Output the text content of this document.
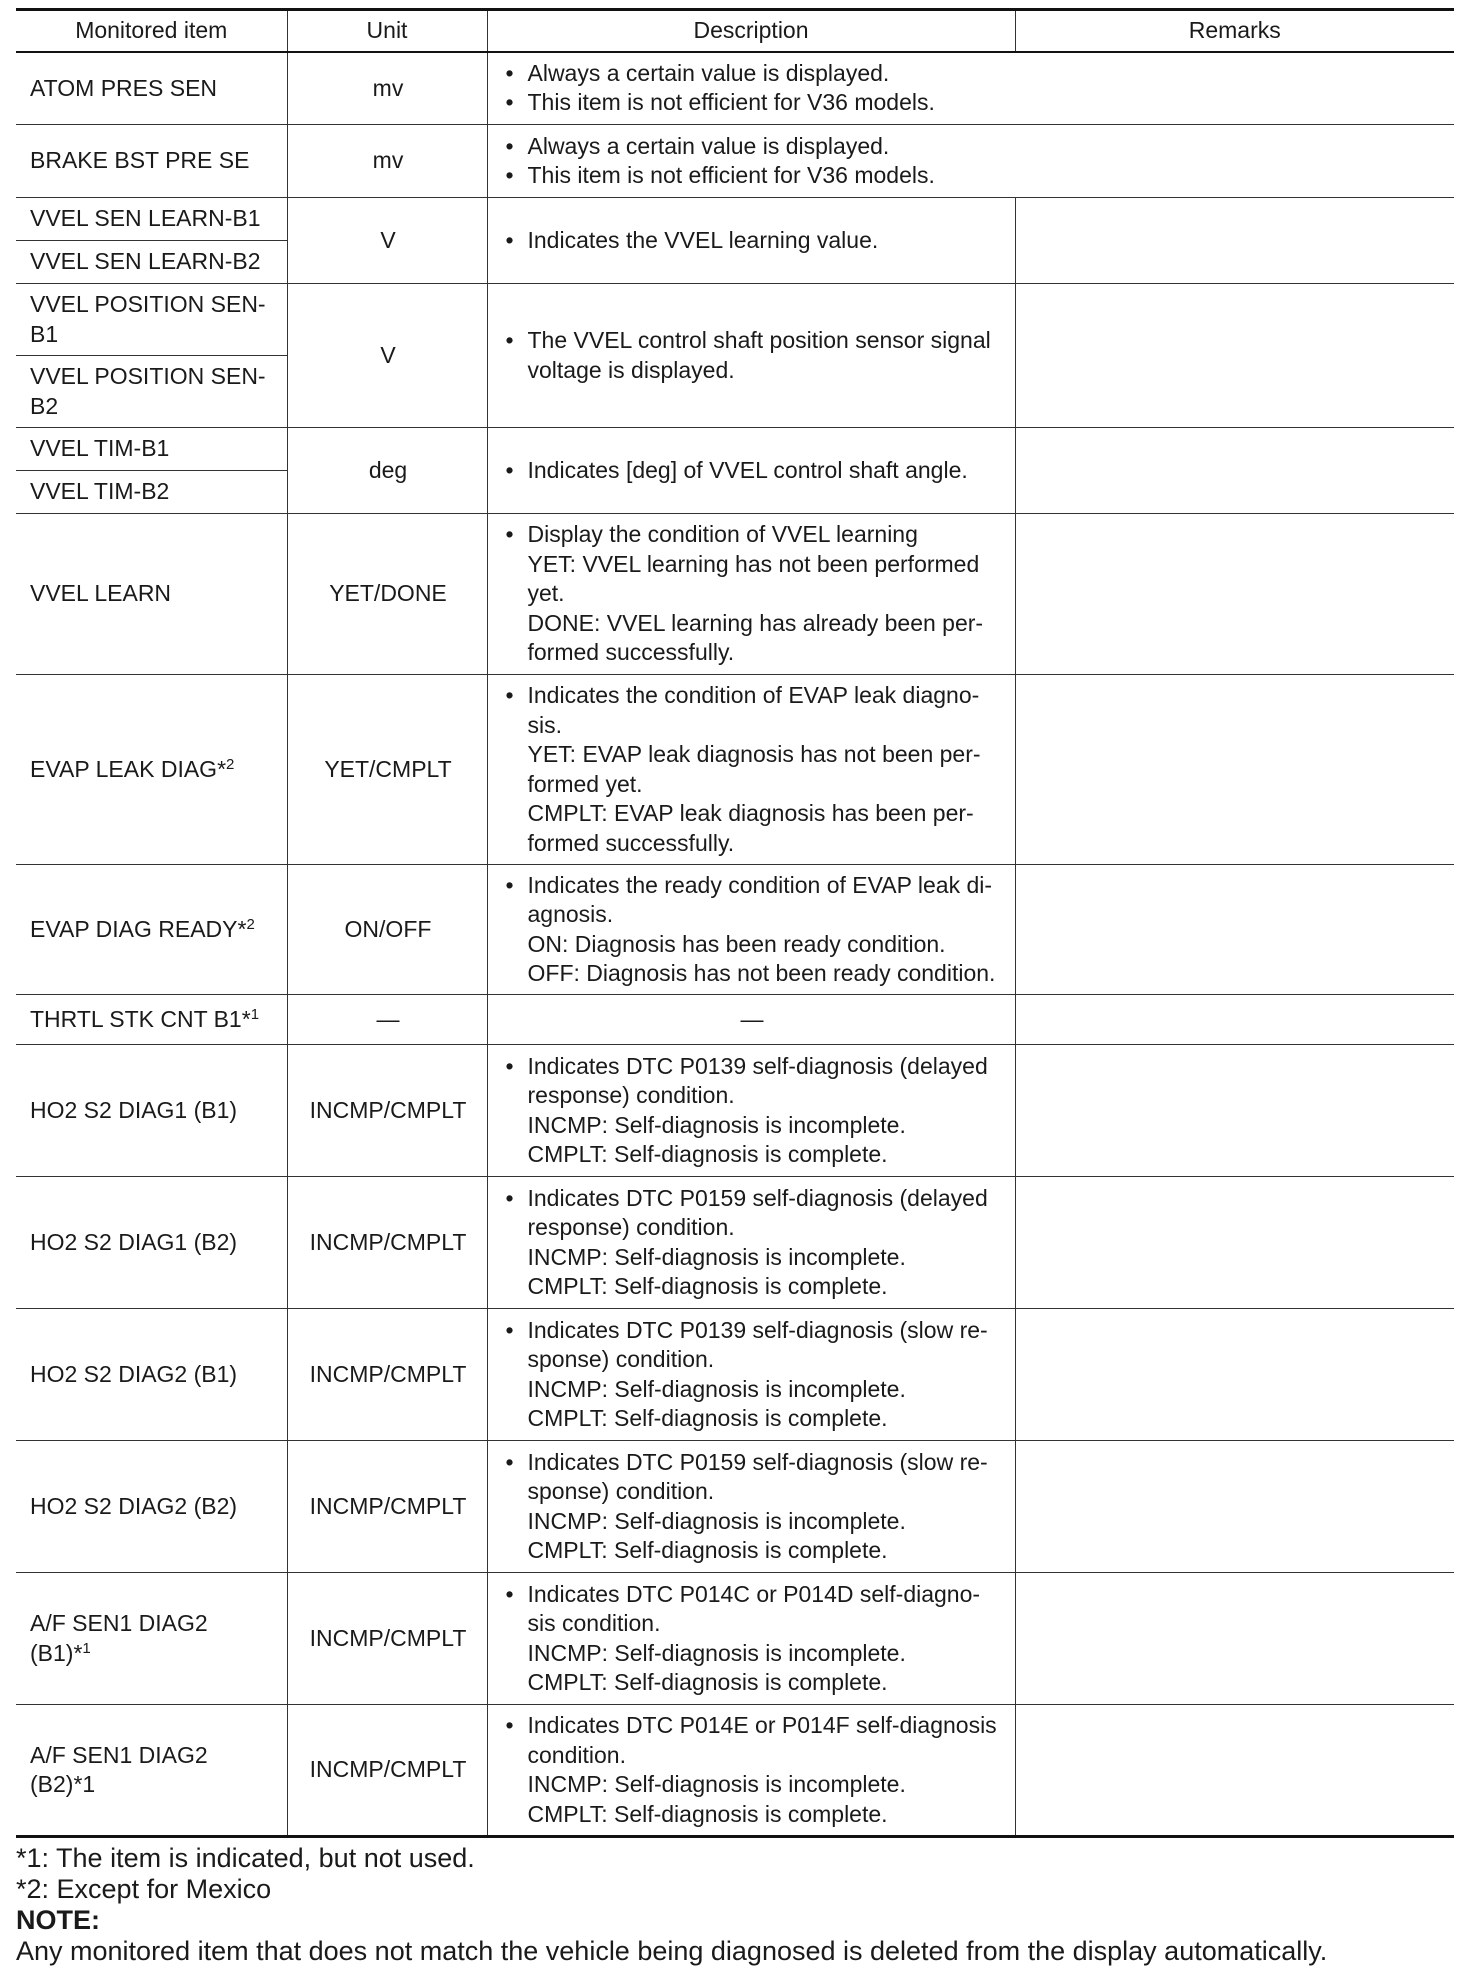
Monitored item	Unit	Description	Remarks
ATOM PRES SEN	mv	• Always a certain value is displayed.
• This item is not efficient for V36 models.	

BRAKE BST PRE SE	mv	• Always a certain value is displayed.
• This item is not efficient for V36 models.	

VVEL SEN LEARN-B1	V	• Indicates the VVEL learning value.	

VVEL SEN LEARN-B2			
VVEL POSITION SEN-B1	V	• The VVEL control shaft position sensor signal voltage is displayed.	

VVEL POSITION SEN-B2			
VVEL TIM-B1	deg	• Indicates [deg] of VVEL control shaft angle.	

VVEL TIM-B2			
VVEL LEARN	YET/DONE	• Display the condition of VVEL learning
YET: VVEL learning has not been performed yet.
DONE: VVEL learning has already been per-formed successfully.	

EVAP LEAK DIAG*$^2$	YET/CMPLT	• Indicates the condition of EVAP leak diagno-sis.
YET: EVAP leak diagnosis has not been per-formed yet.
CMPLT: EVAP leak diagnosis has been per-formed successfully.	

EVAP DIAG READY*$^2$	ON/OFF	• Indicates the ready condition of EVAP leak di-agnosis.
ON: Diagnosis has been ready condition.
OFF: Diagnosis has not been ready condition.	

THRTL STK CNT B1*$^1$	—	—	
HO2 S2 DIAG1 (B1)	INCMP/CMPLT	• Indicates DTC P0139 self-diagnosis (delayed response) condition.
INCMP: Self-diagnosis is incomplete.
CMPLT: Self-diagnosis is complete.	

HO2 S2 DIAG1 (B2)	INCMP/CMPLT	• Indicates DTC P0159 self-diagnosis (delayed response) condition.
INCMP: Self-diagnosis is incomplete.
CMPLT: Self-diagnosis is complete.	

HO2 S2 DIAG2 (B1)	INCMP/CMPLT	• Indicates DTC P0139 self-diagnosis (slow re-sponse) condition.
INCMP: Self-diagnosis is incomplete.
CMPLT: Self-diagnosis is complete.	

HO2 S2 DIAG2 (B2)	INCMP/CMPLT	• Indicates DTC P0159 self-diagnosis (slow re-sponse) condition.
INCMP: Self-diagnosis is incomplete.
CMPLT: Self-diagnosis is complete.	

A/F SEN1 DIAG2 (B1)*$^1$	INCMP/CMPLT	• Indicates DTC P014C or P014D self-diagno-sis condition.
INCMP: Self-diagnosis is incomplete.
CMPLT: Self-diagnosis is complete.	

A/F SEN1 DIAG2 (B2)*1	INCMP/CMPLT	• Indicates DTC P014E or P014F self-diagnosis condition.
INCMP: Self-diagnosis is incomplete.
CMPLT: Self-diagnosis is complete.	

*1: The item is indicated, but not used.
*2: Except for Mexico
NOTE:
Any monitored item that does not match the vehicle being diagnosed is deleted from the display automatically.
